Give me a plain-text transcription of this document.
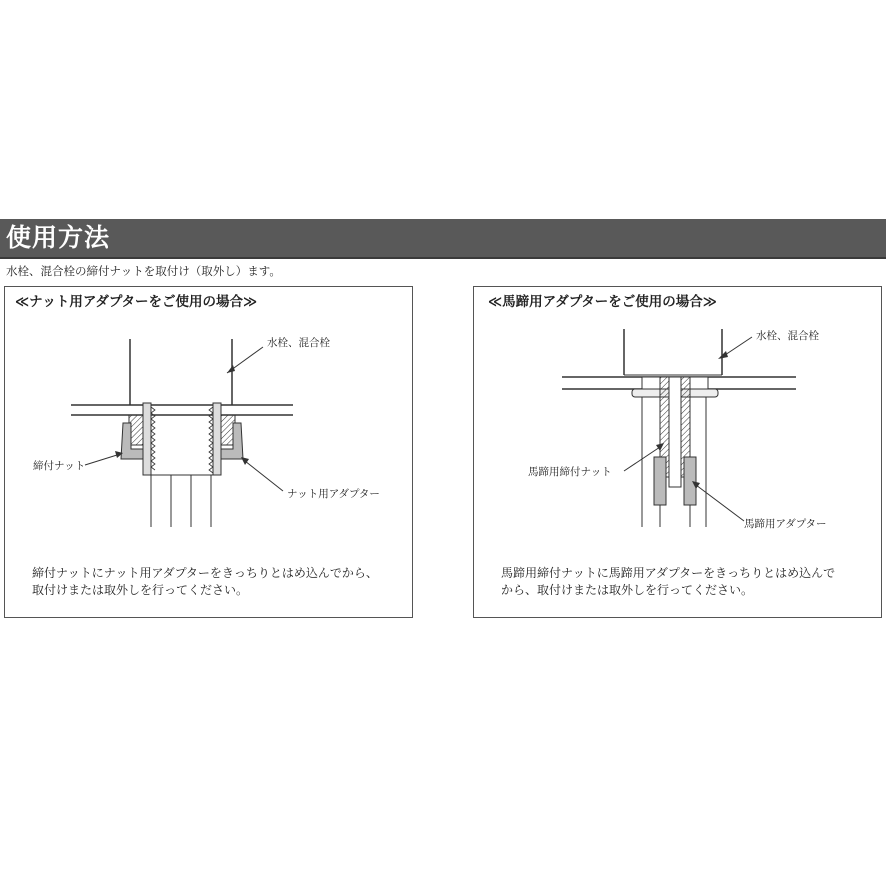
使用方法
水栓、混合栓の締付ナットを取付け（取外し）ます。
水栓、混合栓
締付ナット
ナット用アダプター
≪ナット用アダプターをご使用の場合≫
締付ナットにナット用アダプターをきっちりとはめ込んでから、
取付けまたは取外しを行ってください。
水栓、混合栓
馬蹄用締付ナット
馬蹄用アダプター
≪馬蹄用アダプターをご使用の場合≫
馬蹄用締付ナットに馬蹄用アダプターをきっちりとはめ込んで
から、取付けまたは取外しを行ってください。
